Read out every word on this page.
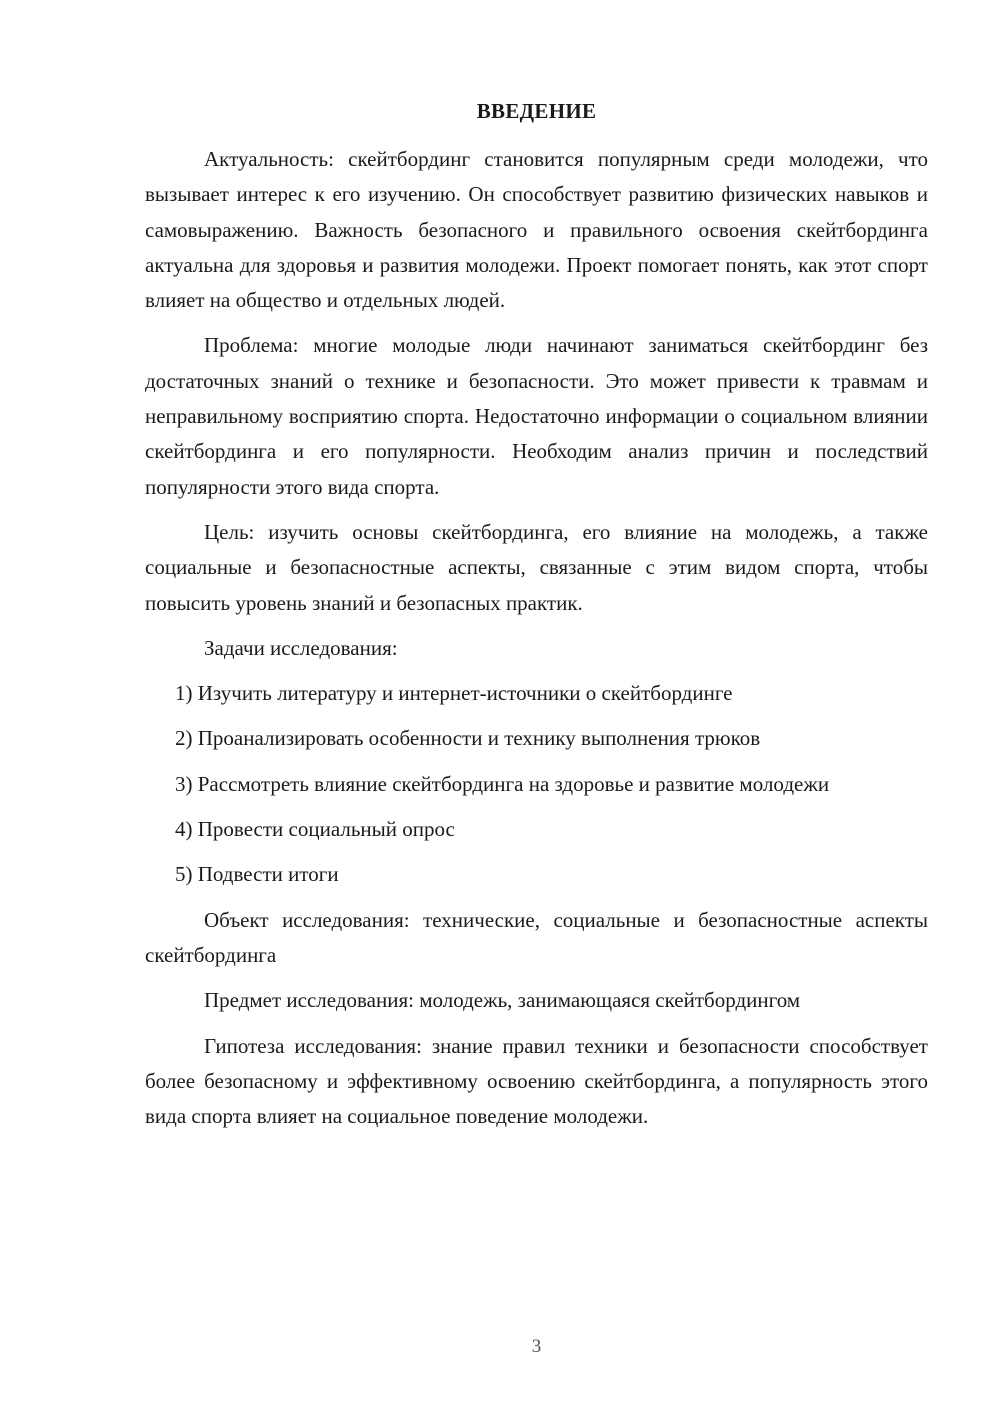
ВВЕДЕНИЕ

Актуальность: скейтбординг становится популярным среди молодежи, что вызывает интерес к его изучению. Он способствует развитию физических навыков и самовыражению. Важность безопасного и правильного освоения скейтбординга актуальна для здоровья и развития молодежи. Проект помогает понять, как этот спорт влияет на общество и отдельных людей.

Проблема: многие молодые люди начинают заниматься скейтбординг без достаточных знаний о технике и безопасности. Это может привести к травмам и неправильному восприятию спорта. Недостаточно информации о социальном влиянии скейтбординга и его популярности. Необходим анализ причин и последствий популярности этого вида спорта.

Цель: изучить основы скейтбординга, его влияние на молодежь, а также социальные и безопасностные аспекты, связанные с этим видом спорта, чтобы повысить уровень знаний и безопасных практик.

Задачи исследования:

1) Изучить литературу и интернет-источники о скейтбординге

2) Проанализировать особенности и технику выполнения трюков

3) Рассмотреть влияние скейтбординга на здоровье и развитие молодежи

4) Провести социальный опрос

5) Подвести итоги

Объект исследования: технические, социальные и безопасностные аспекты скейтбординга

Предмет исследования: молодежь, занимающаяся скейтбордингом

Гипотеза исследования: знание правил техники и безопасности способствует более безопасному и эффективному освоению скейтбординга, а популярность этого вида спорта влияет на социальное поведение молодежи.

3
